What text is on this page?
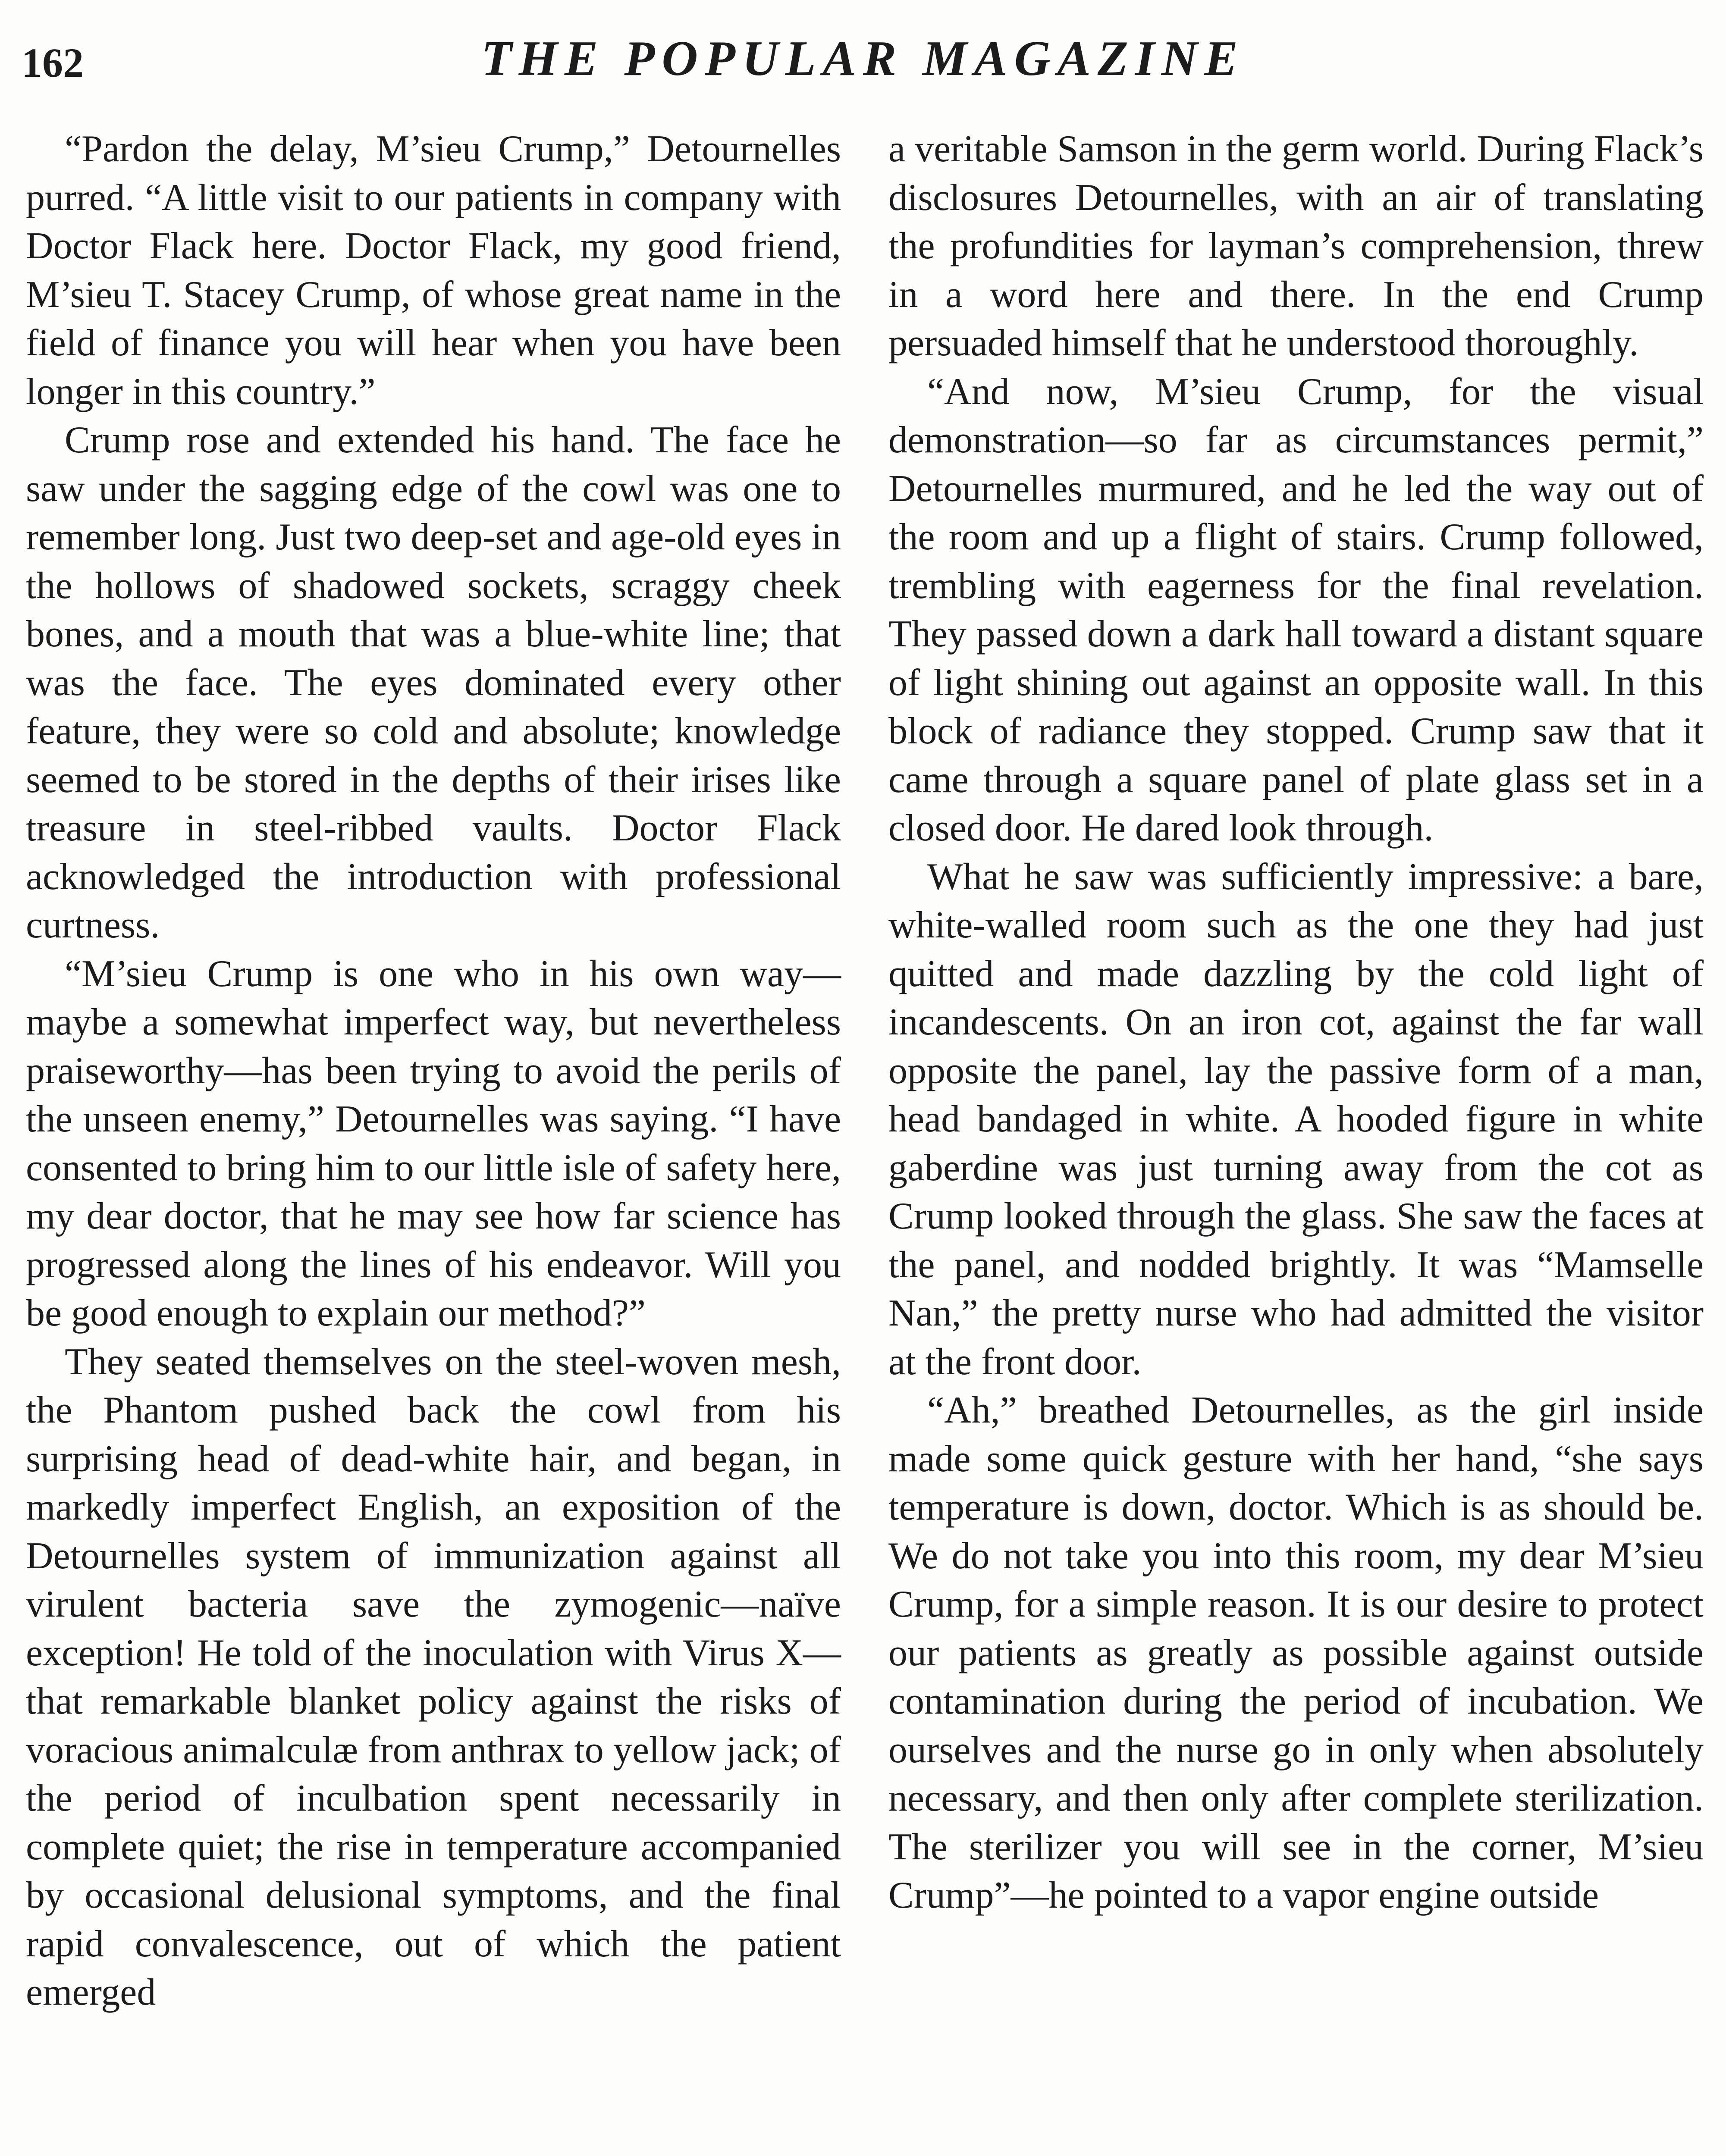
162	THE POPULAR MAGAZINE

“Pardon the delay, M’sieu Crump,” Detournelles purred. “A little visit to our patients in company with Doctor Flack here. Doctor Flack, my good friend, M’sieu T. Stacey Crump, of whose great name in the field of finance you will hear when you have been longer in this country.”

Crump rose and extended his hand. The face he saw under the sagging edge of the cowl was one to remember long. Just two deep-set and age-old eyes in the hollows of shadowed sockets, scraggy cheek bones, and a mouth that was a blue-white line; that was the face. The eyes dominated every other feature, they were so cold and absolute; knowledge seemed to be stored in the depths of their irises like treasure in steel-ribbed vaults. Doctor Flack acknowledged the introduction with professional curtness.

“M’sieu Crump is one who in his own way—maybe a somewhat imperfect way, but nevertheless praiseworthy—has been trying to avoid the perils of the unseen enemy,” Detournelles was saying. “I have consented to bring him to our little isle of safety here, my dear doctor, that he may see how far science has progressed along the lines of his endeavor. Will you be good enough to explain our method?”

They seated themselves on the steel-woven mesh, the Phantom pushed back the cowl from his surprising head of dead-white hair, and began, in markedly imperfect English, an exposition of the Detournelles system of immunization against all virulent bacteria save the zymogenic—naïve exception! He told of the inoculation with Virus X—that remarkable blanket policy against the risks of voracious animalculæ from anthrax to yellow jack; of the period of inculbation spent necessarily in complete quiet; the rise in temperature accompanied by occasional delusional symptoms, and the final rapid convalescence, out of which the patient emerged

a veritable Samson in the germ world. During Flack’s disclosures Detournelles, with an air of translating the profundities for layman’s comprehension, threw in a word here and there. In the end Crump persuaded himself that he understood thoroughly.

“And now, M’sieu Crump, for the visual demonstration—so far as circumstances permit,” Detournelles murmured, and he led the way out of the room and up a flight of stairs. Crump followed, trembling with eagerness for the final revelation. They passed down a dark hall toward a distant square of light shining out against an opposite wall. In this block of radiance they stopped. Crump saw that it came through a square panel of plate glass set in a closed door. He dared look through.

What he saw was sufficiently impressive: a bare, white-walled room such as the one they had just quitted and made dazzling by the cold light of incandescents. On an iron cot, against the far wall opposite the panel, lay the passive form of a man, head bandaged in white. A hooded figure in white gaberdine was just turning away from the cot as Crump looked through the glass. She saw the faces at the panel, and nodded brightly. It was “Mamselle Nan,” the pretty nurse who had admitted the visitor at the front door.

“Ah,” breathed Detournelles, as the girl inside made some quick gesture with her hand, “she says temperature is down, doctor. Which is as should be. We do not take you into this room, my dear M’sieu Crump, for a simple reason. It is our desire to protect our patients as greatly as possible against outside contamination during the period of incubation. We ourselves and the nurse go in only when absolutely necessary, and then only after complete sterilization. The sterilizer you will see in the corner, M’sieu Crump”—he pointed to a vapor engine outside
